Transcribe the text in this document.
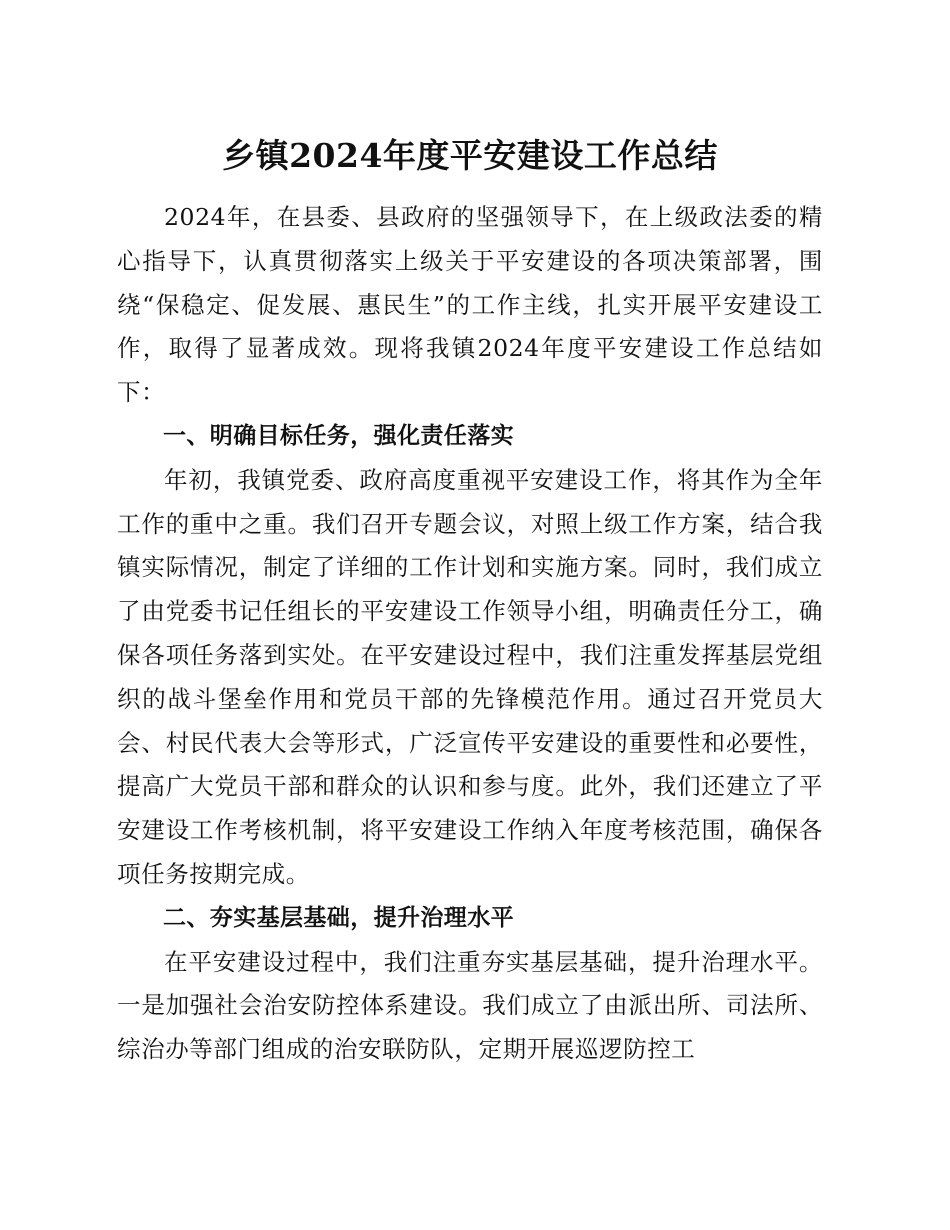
乡镇2024年度平安建设工作总结

2024年，在县委、县政府的坚强领导下，在上级政法委的精心指导下，认真贯彻落实上级关于平安建设的各项决策部署，围绕“保稳定、促发展、惠民生”的工作主线，扎实开展平安建设工作，取得了显著成效。现将我镇2024年度平安建设工作总结如下：

一、明确目标任务，强化责任落实

年初，我镇党委、政府高度重视平安建设工作，将其作为全年工作的重中之重。我们召开专题会议，对照上级工作方案，结合我镇实际情况，制定了详细的工作计划和实施方案。同时，我们成立了由党委书记任组长的平安建设工作领导小组，明确责任分工，确保各项任务落到实处。在平安建设过程中，我们注重发挥基层党组织的战斗堡垒作用和党员干部的先锋模范作用。通过召开党员大会、村民代表大会等形式，广泛宣传平安建设的重要性和必要性，提高广大党员干部和群众的认识和参与度。此外，我们还建立了平安建设工作考核机制，将平安建设工作纳入年度考核范围，确保各项任务按期完成。

二、夯实基层基础，提升治理水平

在平安建设过程中，我们注重夯实基层基础，提升治理水平。一是加强社会治安防控体系建设。我们成立了由派出所、司法所、综治办等部门组成的治安联防队，定期开展巡逻防控工
